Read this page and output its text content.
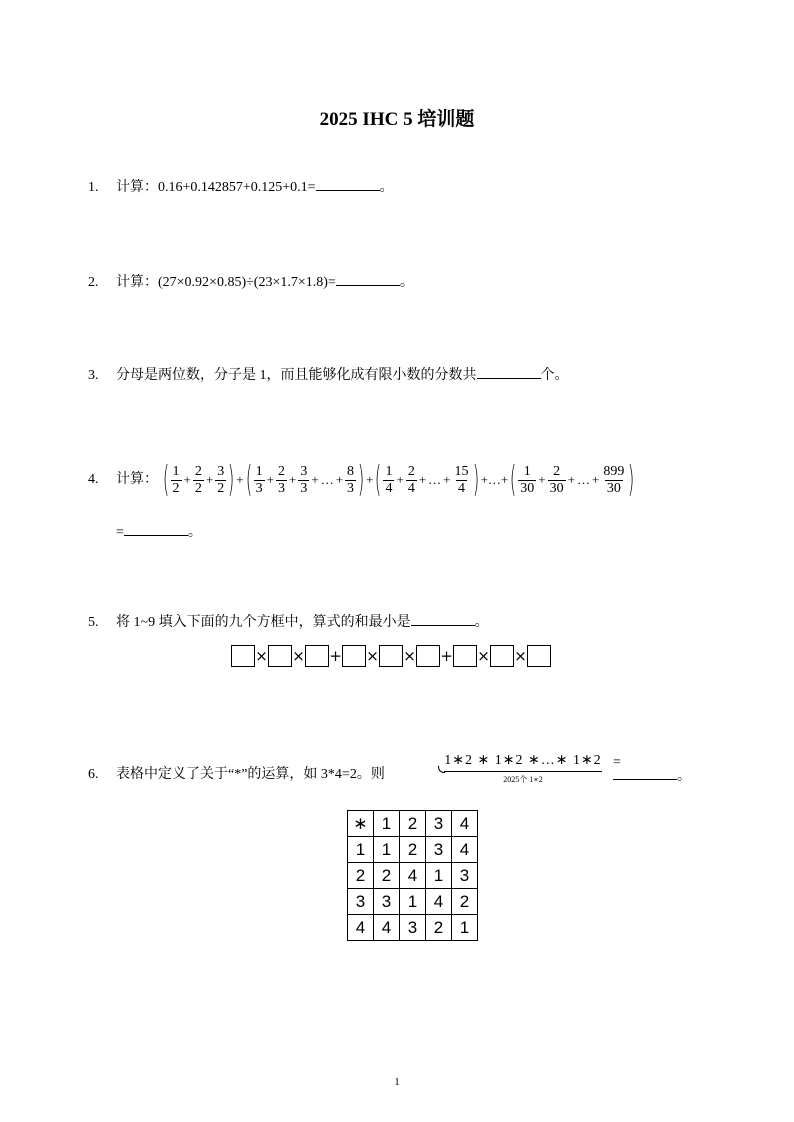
2025 IHC 5 培训题
1. 计算：0.16+0.142857+0.125+0.1=	。
2. 计算：(27×0.92×0.85)÷(23×1.7×1.8)=	。
3. 分母是两位数，分子是 1，而且能够化成有限小数的分数共	个。
4. 计算： ( $\frac{1}{2} + \frac{2}{2} + \frac{3}{2}$ ) + ( $\frac{1}{3} + \frac{2}{3} + \frac{3}{3}$ + … + $\frac{8}{3}$ ) + ( $\frac{1}{4} + \frac{2}{4}$ + … + $\frac{15}{4}$ ) +…+ ( $\frac{1}{30} + \frac{2}{30}$ + … + $\frac{899}{30}$ )
=	。
5. 将 1~9 填入下面的九个方框中，算式的和最小是	。
× × + × × + × ×
6. 表格中定义了关于“*”的运算，如 3*4=2。则
1∗2 ∗ 1∗2 ∗…∗ 1∗2
2025个 1∗2
=
。
∗	1	2	3	4
1	1	2	3	4
2	2	4	1	3
3	3	1	4	2
4	4	3	2	1
1
